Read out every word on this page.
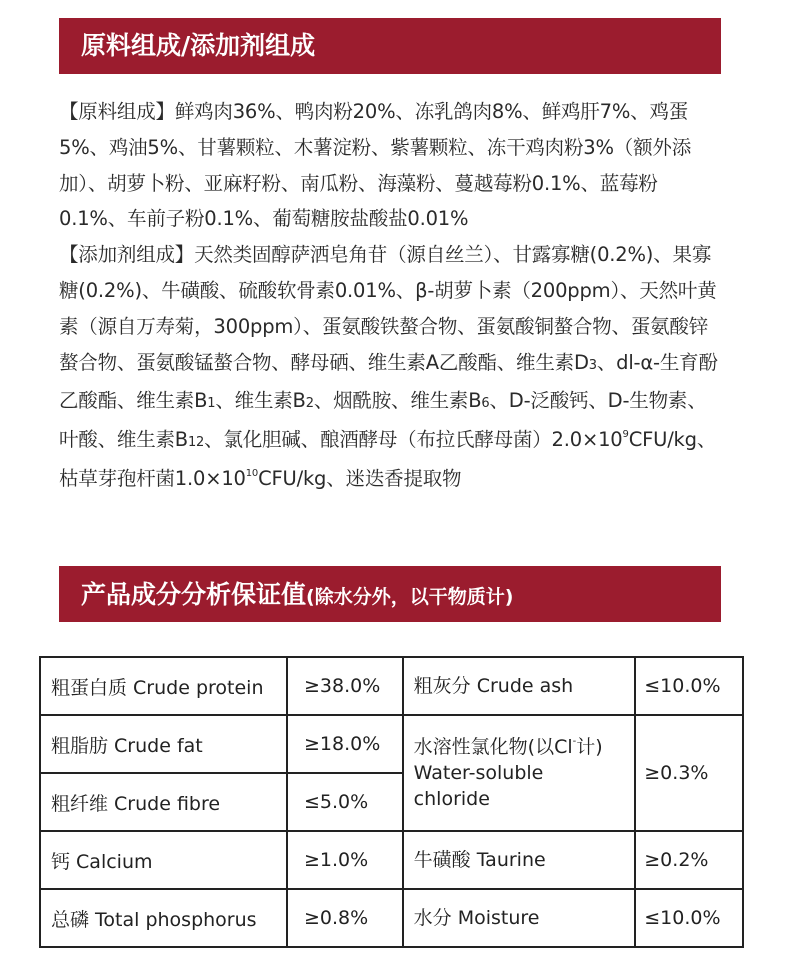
原料组成/添加剂组成

【原料组成】鲜鸡肉36%、鸭肉粉20%、冻乳鸽肉8%、鲜鸡肝7%、鸡蛋5%、鸡油5%、甘薯颗粒、木薯淀粉、紫薯颗粒、冻干鸡肉粉3%（额外添加）、胡萝卜粉、亚麻籽粉、南瓜粉、海藻粉、蔓越莓粉0.1%、蓝莓粉0.1%、车前子粉0.1%、葡萄糖胺盐酸盐0.01%

【添加剂组成】天然类固醇萨洒皂角苷（源自丝兰）、甘露寡糖(0.2%)、果寡糖(0.2%)、牛磺酸、硫酸软骨素0.01%、β-胡萝卜素（200ppm）、天然叶黄素（源自万寿菊，300ppm）、蛋氨酸铁螯合物、蛋氨酸铜螯合物、蛋氨酸锌螯合物、蛋氨酸锰螯合物、酵母硒、维生素A乙酸酯、维生素D3、dl-α-生育酚乙酸酯、维生素B1、维生素B2、烟酰胺、维生素B6、D-泛酸钙、D-生物素、叶酸、维生素B12、氯化胆碱、酿酒酵母（布拉氏酵母菌）$2.0\times 10^9CFU/kg$、枯草芽孢杆菌$1.0\times 10^{10}CFU/kg$、迷迭香提取物

产品成分分析保证值(除水分外，以干物质计)
粗蛋白质 Crude protein	≥38.0%	粗灰分 Crude ash	≤10.0%
粗脂肪 Crude fat	≥18.0%	水溶性氯化物(以Cl-计)
Water-soluble chloride	≥0.3%
粗纤维 Crude fibre	≤5.0%		
钙 Calcium	≥1.0%	牛磺酸 Taurine	≥0.2%
总磷 Total phosphorus	≥0.8%	水分 Moisture	≤10.0%
